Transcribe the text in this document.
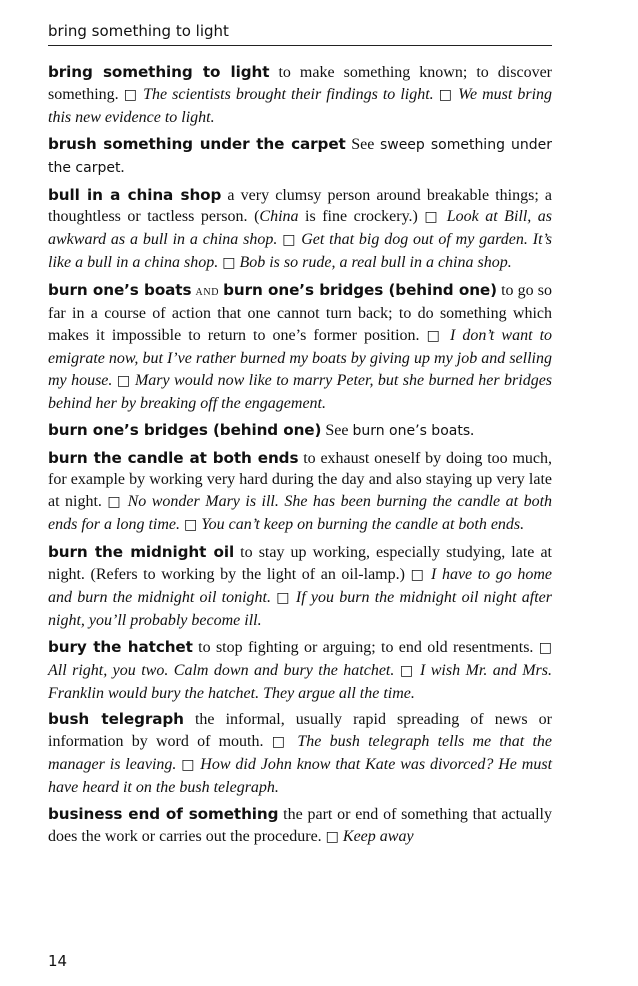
bring something to light

bring something to light to make something known; to discover something. □ The scientists brought their findings to light. □ We must bring this new evidence to light.

brush something under the carpet See sweep something under the carpet.

bull in a china shop a very clumsy person around breakable things; a thoughtless or tactless person. (China is fine crockery.) □ Look at Bill, as awkward as a bull in a china shop. □ Get that big dog out of my garden. It’s like a bull in a china shop. □ Bob is so rude, a real bull in a china shop.

burn one’s boats and burn one’s bridges (behind one) to go so far in a course of action that one cannot turn back; to do something which makes it impossible to return to one’s former position. □ I don’t want to emigrate now, but I’ve rather burned my boats by giving up my job and selling my house. □ Mary would now like to marry Peter, but she burned her bridges behind her by breaking off the engagement.

burn one’s bridges (behind one) See burn one’s boats.

burn the candle at both ends to exhaust oneself by doing too much, for example by working very hard during the day and also staying up very late at night. □ No wonder Mary is ill. She has been burning the candle at both ends for a long time. □ You can’t keep on burning the candle at both ends.

burn the midnight oil to stay up working, especially studying, late at night. (Refers to working by the light of an oil-lamp.) □ I have to go home and burn the midnight oil tonight. □ If you burn the midnight oil night after night, you’ll probably become ill.

bury the hatchet to stop fighting or arguing; to end old resentments. □ All right, you two. Calm down and bury the hatchet. □ I wish Mr. and Mrs. Franklin would bury the hatchet. They argue all the time.

bush telegraph the informal, usually rapid spreading of news or information by word of mouth. □ The bush telegraph tells me that the manager is leaving. □ How did John know that Kate was divorced? He must have heard it on the bush telegraph.

business end of something the part or end of something that actually does the work or carries out the procedure. □ Keep away

14
